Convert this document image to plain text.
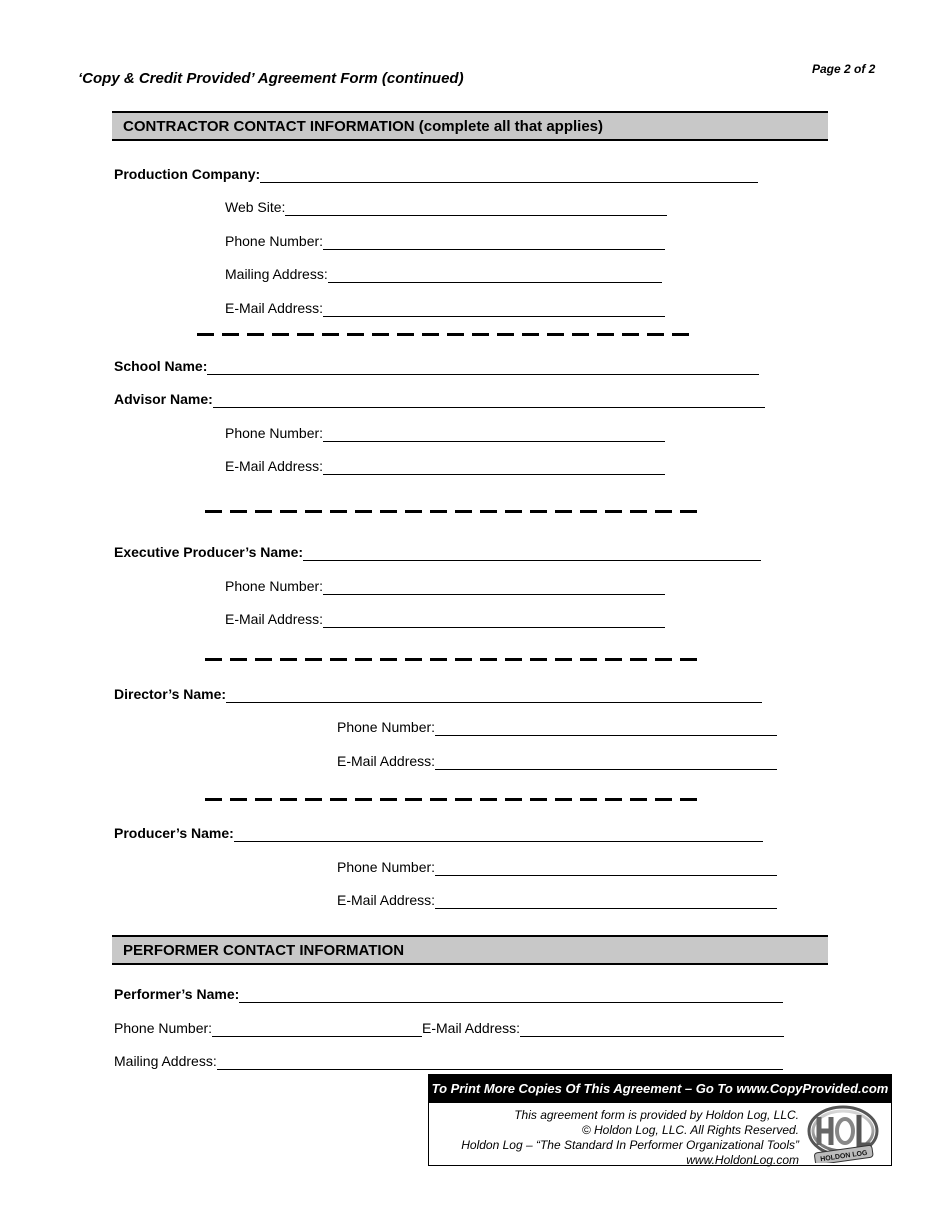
Page 2 of 2
‘Copy & Credit Provided’ Agreement Form (continued)
CONTRACTOR CONTACT INFORMATION (complete all that applies)
Production Company:
Web Site:
Phone Number:
Mailing Address:
E-Mail Address:
School Name:
Advisor Name:
Phone Number:
E-Mail Address:
Executive Producer’s Name:
Phone Number:
E-Mail Address:
Director’s Name:
Phone Number:
E-Mail Address:
Producer’s Name:
Phone Number:
E-Mail Address:
PERFORMER CONTACT INFORMATION
Performer’s Name:
Phone Number:	E-Mail Address:
Mailing Address:
To Print More Copies Of This Agreement – Go To www.CopyProvided.com
This agreement form is provided by Holdon Log, LLC.
© Holdon Log, LLC. All Rights Reserved.
Holdon Log – “The Standard In Performer Organizational Tools”
www.HoldonLog.com	HOLDON LOG
